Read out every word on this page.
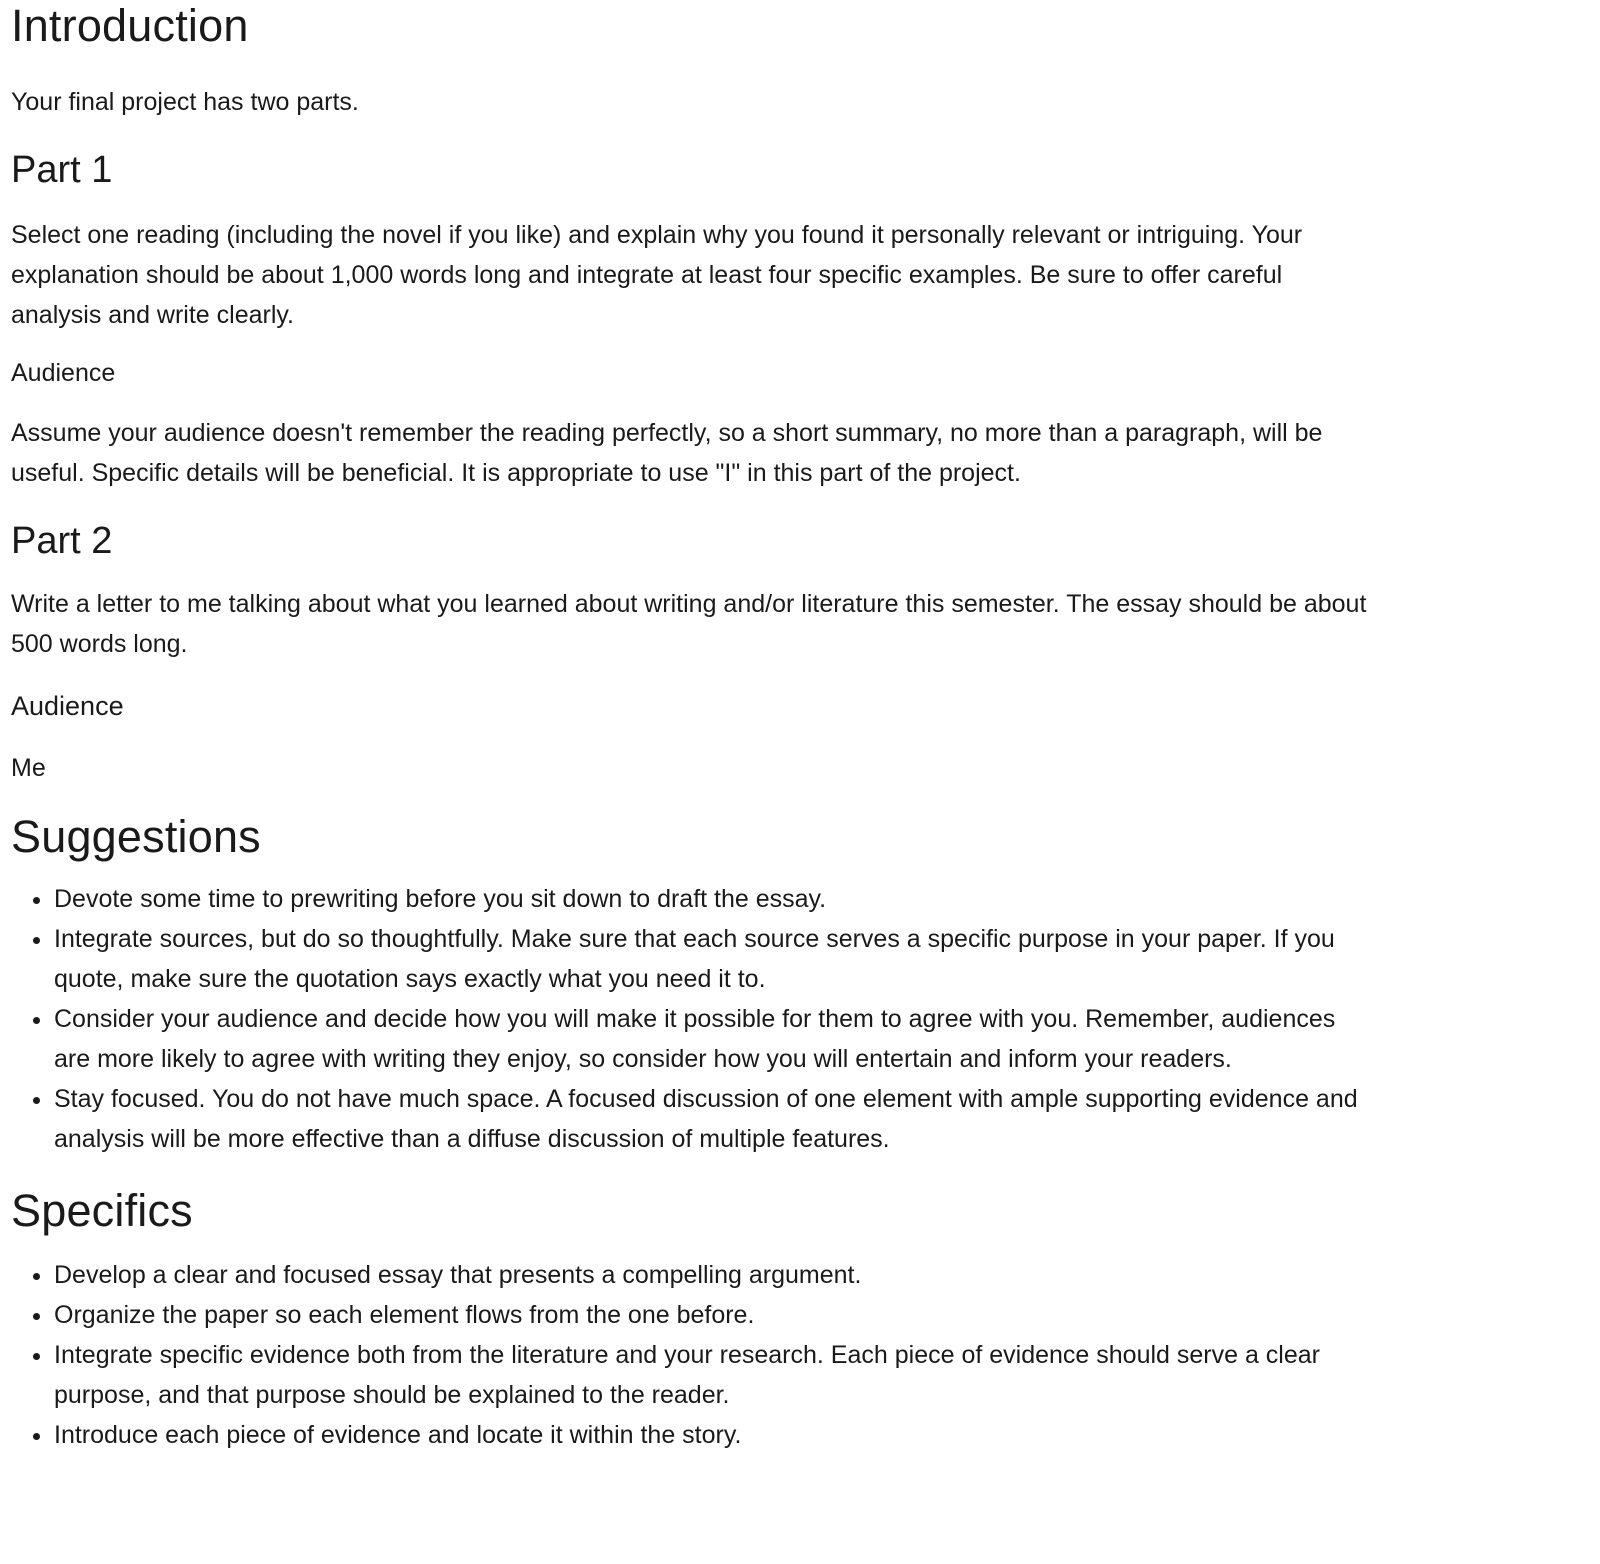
Introduction

Your final project has two parts.

Part 1

Select one reading (including the novel if you like) and explain why you found it personally relevant or intriguing. Your explanation should be about 1,000 words long and integrate at least four specific examples. Be sure to offer careful analysis and write clearly.

Audience

Assume your audience doesn't remember the reading perfectly, so a short summary, no more than a paragraph, will be useful. Specific details will be beneficial. It is appropriate to use "I" in this part of the project.

Part 2

Write a letter to me talking about what you learned about writing and/or literature this semester. The essay should be about 500 words long.

Audience

Me

Suggestions
• Devote some time to prewriting before you sit down to draft the essay.
• Integrate sources, but do so thoughtfully. Make sure that each source serves a specific purpose in your paper. If you quote, make sure the quotation says exactly what you need it to.
• Consider your audience and decide how you will make it possible for them to agree with you. Remember, audiences are more likely to agree with writing they enjoy, so consider how you will entertain and inform your readers.
• Stay focused. You do not have much space. A focused discussion of one element with ample supporting evidence and analysis will be more effective than a diffuse discussion of multiple features.
Specifics
• Develop a clear and focused essay that presents a compelling argument.
• Organize the paper so each element flows from the one before.
• Integrate specific evidence both from the literature and your research. Each piece of evidence should serve a clear purpose, and that purpose should be explained to the reader.
• Introduce each piece of evidence and locate it within the story.
